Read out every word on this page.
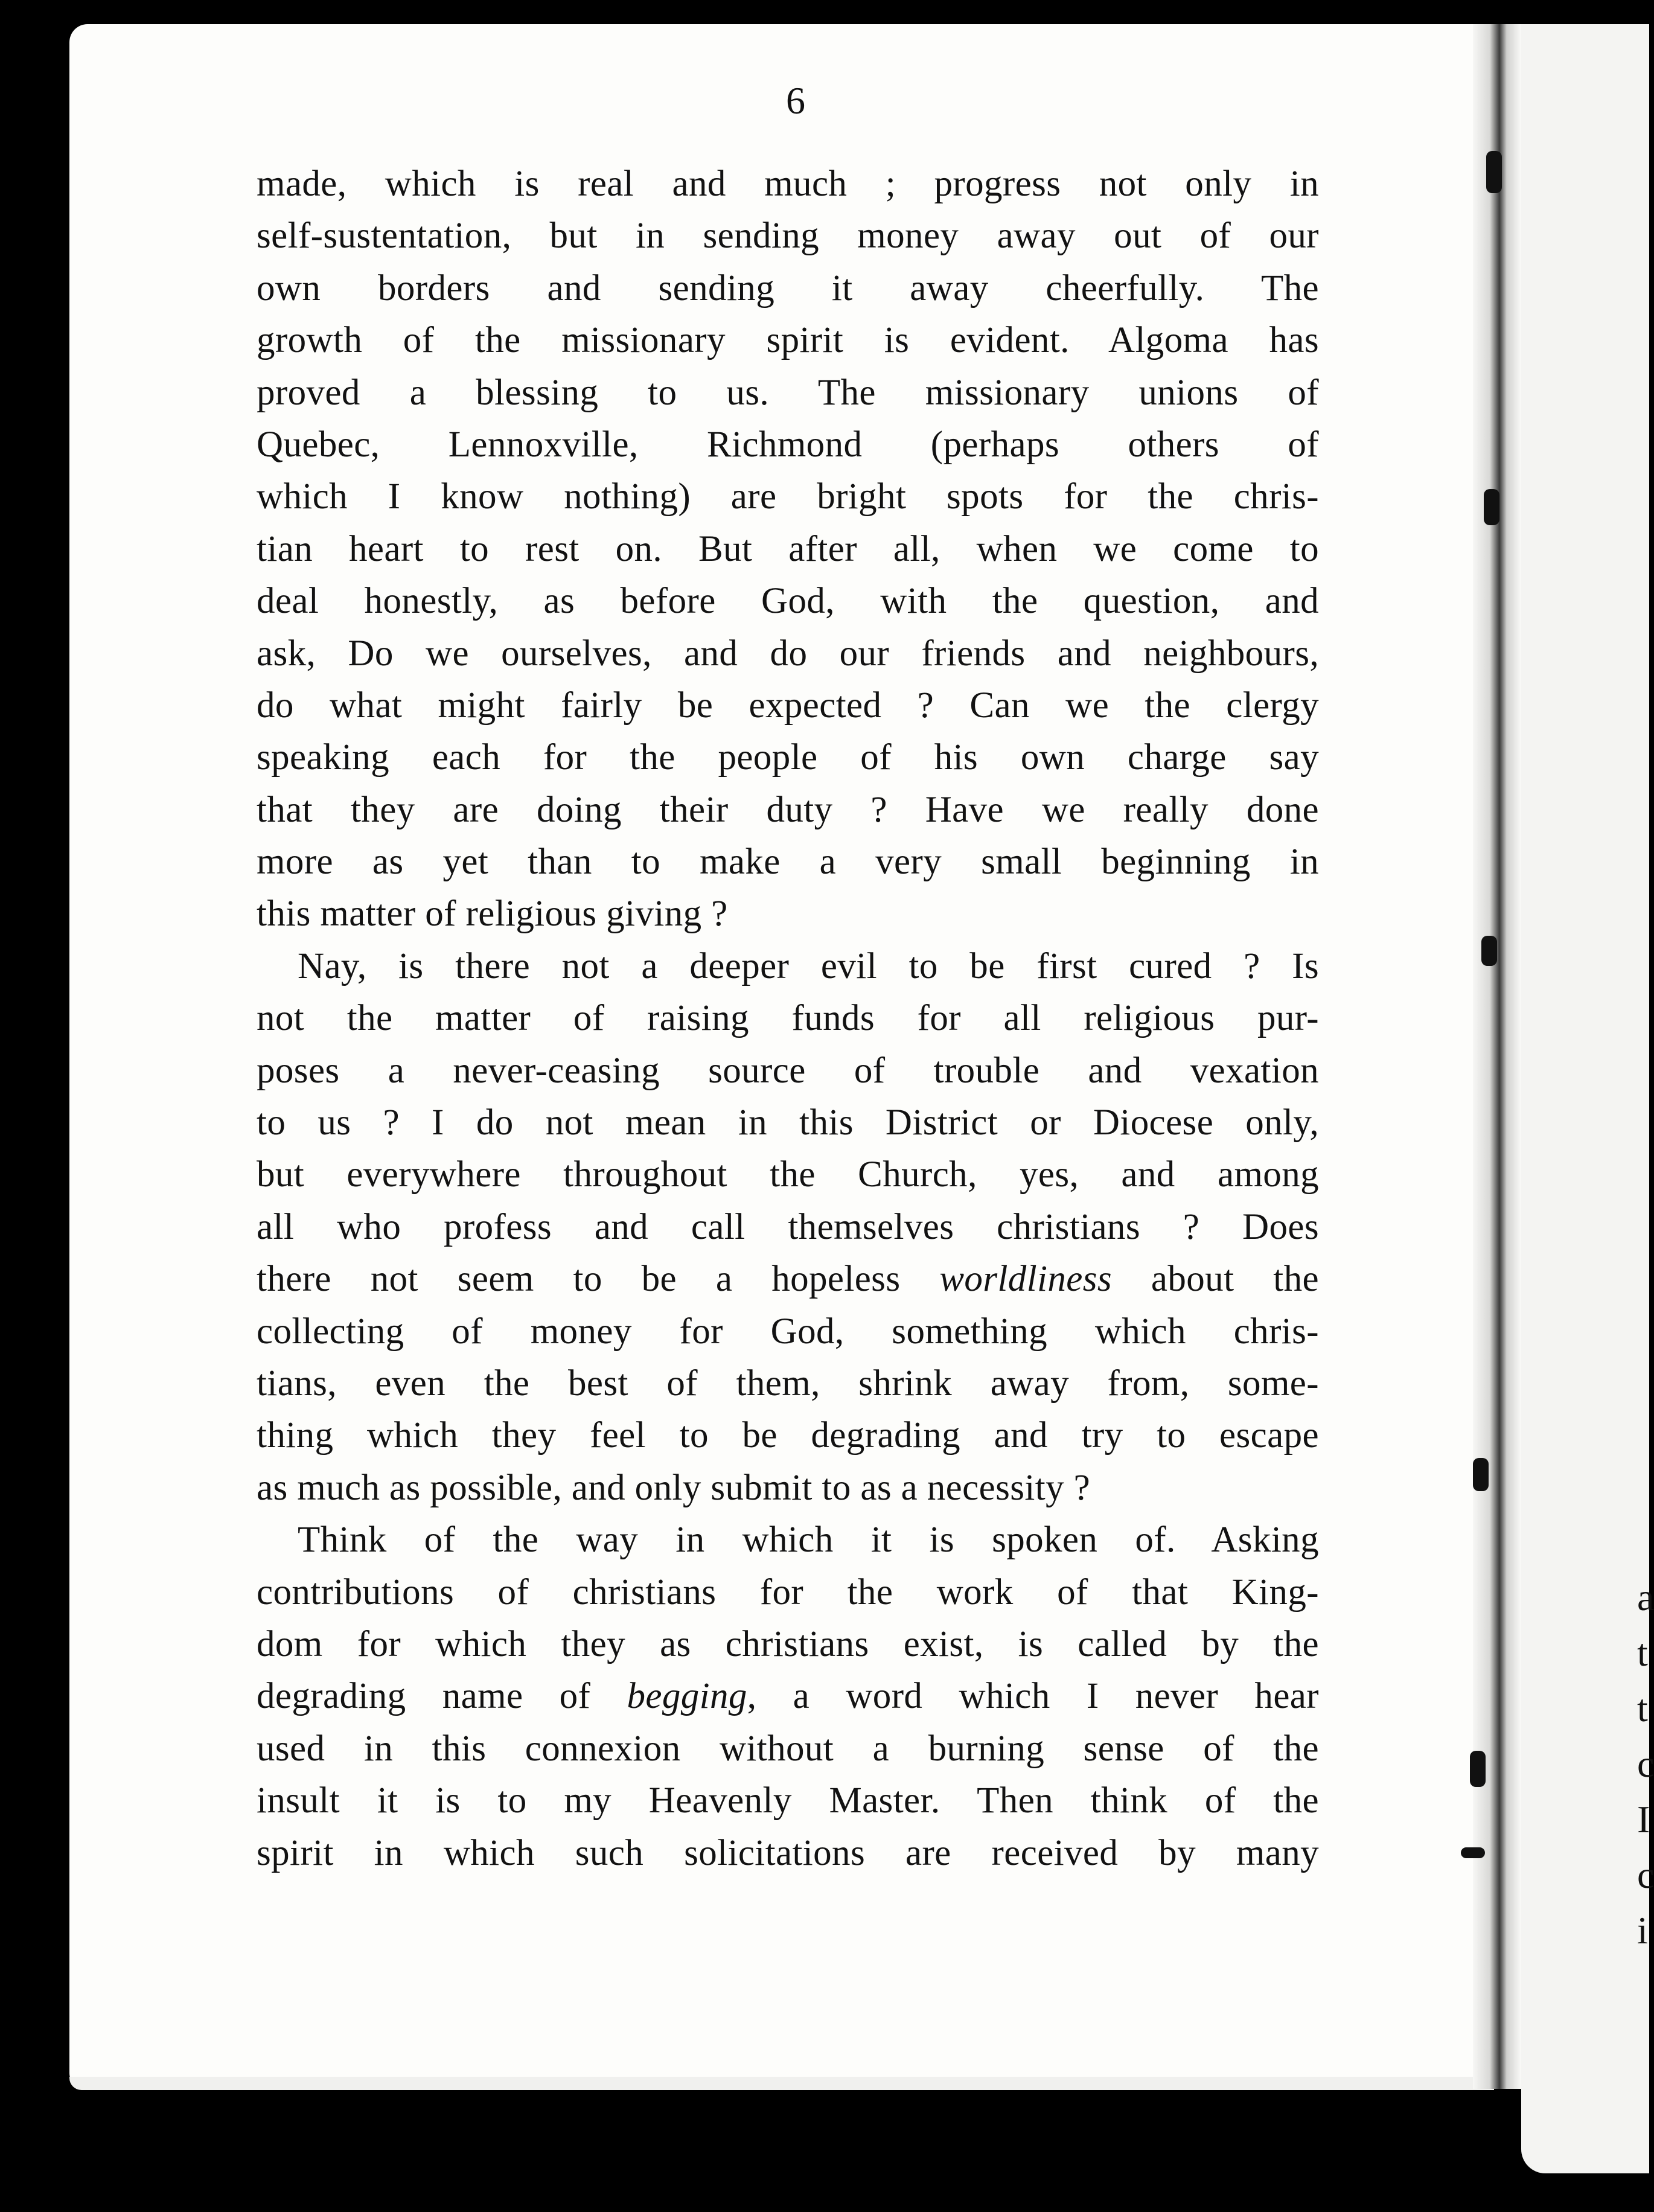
a
t
t
c
I
c
i
6
made, which is real and much ; progress not only in
self-sustentation, but in sending money away out of our
own borders and sending it away cheerfully. The
growth of the missionary spirit is evident. Algoma has
proved a blessing to us. The missionary unions of
Quebec, Lennoxville, Richmond (perhaps others of
which I know nothing) are bright spots for the chris-
tian heart to rest on. But after all, when we come to
deal honestly, as before God, with the question, and
ask, Do we ourselves, and do our friends and neighbours,
do what might fairly be expected ? Can we the clergy
speaking each for the people of his own charge say
that they are doing their duty ? Have we really done
more as yet than to make a very small beginning in
this matter of religious giving ?
Nay, is there not a deeper evil to be first cured ? Is
not the matter of raising funds for all religious pur-
poses a never-ceasing source of trouble and vexation
to us ? I do not mean in this District or Diocese only,
but everywhere throughout the Church, yes, and among
all who profess and call themselves christians ? Does
there not seem to be a hopeless worldliness about the
collecting of money for God, something which chris-
tians, even the best of them, shrink away from, some-
thing which they feel to be degrading and try to escape
as much as possible, and only submit to as a necessity ?
Think of the way in which it is spoken of. Asking
contributions of christians for the work of that King-
dom for which they as christians exist, is called by the
degrading name of begging, a word which I never hear
used in this connexion without a burning sense of the
insult it is to my Heavenly Master. Then think of the
spirit in which such solicitations are received by many
